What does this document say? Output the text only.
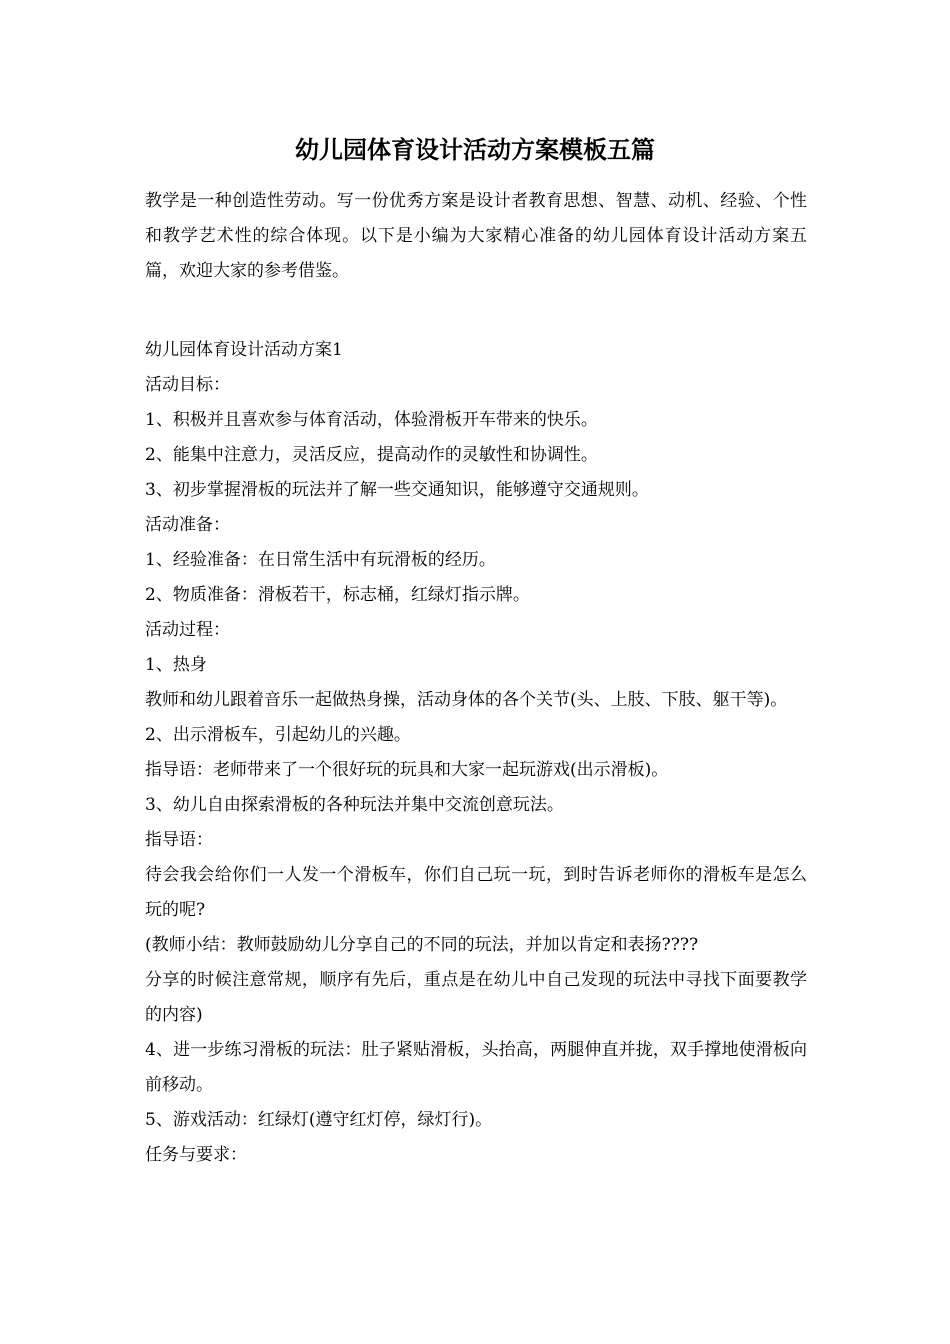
幼儿园体育设计活动方案模板五篇

教学是一种创造性劳动。写一份优秀方案是设计者教育思想、智慧、动机、经验、个性和教学艺术性的综合体现。以下是小编为大家精心准备的幼儿园体育设计活动方案五篇，欢迎大家的参考借鉴。

幼儿园体育设计活动方案1

活动目标：

1、积极并且喜欢参与体育活动，体验滑板开车带来的快乐。

2、能集中注意力，灵活反应，提高动作的灵敏性和协调性。

3、初步掌握滑板的玩法并了解一些交通知识，能够遵守交通规则。

活动准备：

1、经验准备：在日常生活中有玩滑板的经历。

2、物质准备：滑板若干，标志桶，红绿灯指示牌。

活动过程：

1、热身

教师和幼儿跟着音乐一起做热身操，活动身体的各个关节(头、上肢、下肢、躯干等)。

2、出示滑板车，引起幼儿的兴趣。

指导语：老师带来了一个很好玩的玩具和大家一起玩游戏(出示滑板)。

3、幼儿自由探索滑板的各种玩法并集中交流创意玩法。

指导语：

待会我会给你们一人发一个滑板车，你们自己玩一玩，到时告诉老师你的滑板车是怎么玩的呢?

(教师小结：教师鼓励幼儿分享自己的不同的玩法，并加以肯定和表扬????

分享的时候注意常规，顺序有先后，重点是在幼儿中自己发现的玩法中寻找下面要教学的内容)

4、进一步练习滑板的玩法：肚子紧贴滑板，头抬高，两腿伸直并拢，双手撑地使滑板向前移动。

5、游戏活动：红绿灯(遵守红灯停，绿灯行)。

任务与要求：
